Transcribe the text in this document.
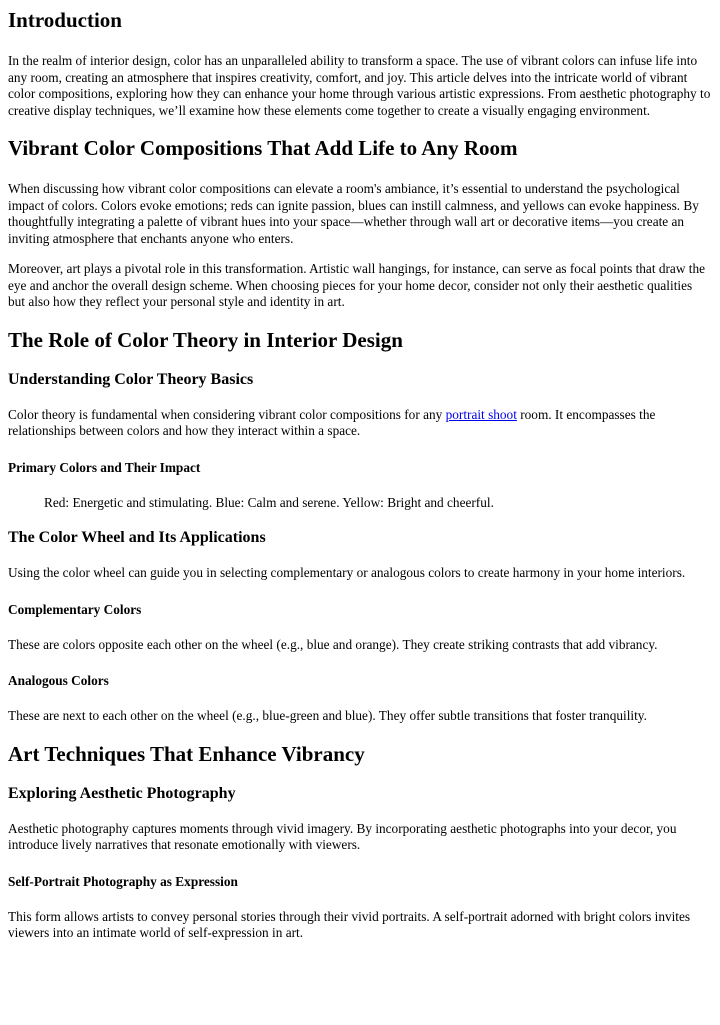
Introduction

In the realm of interior design, color has an unparalleled ability to transform a space. The use of vibrant colors can infuse life into any room, creating an atmosphere that inspires creativity, comfort, and joy. This article delves into the intricate world of vibrant color compositions, exploring how they can enhance your home through various artistic expressions. From aesthetic photography to creative display techniques, we’ll examine how these elements come together to create a visually engaging environment.

Vibrant Color Compositions That Add Life to Any Room

When discussing how vibrant color compositions can elevate a room's ambiance, it’s essential to understand the psychological impact of colors. Colors evoke emotions; reds can ignite passion, blues can instill calmness, and yellows can evoke happiness. By thoughtfully integrating a palette of vibrant hues into your space—whether through wall art or decorative items—you create an inviting atmosphere that enchants anyone who enters.

Moreover, art plays a pivotal role in this transformation. Artistic wall hangings, for instance, can serve as focal points that draw the eye and anchor the overall design scheme. When choosing pieces for your home decor, consider not only their aesthetic qualities but also how they reflect your personal style and identity in art.

The Role of Color Theory in Interior Design
Understanding Color Theory Basics

Color theory is fundamental when considering vibrant color compositions for any portrait shoot room. It encompasses the relationships between colors and how they interact within a space.

Primary Colors and Their Impact

Red: Energetic and stimulating. Blue: Calm and serene. Yellow: Bright and cheerful.

The Color Wheel and Its Applications

Using the color wheel can guide you in selecting complementary or analogous colors to create harmony in your home interiors.

Complementary Colors

These are colors opposite each other on the wheel (e.g., blue and orange). They create striking contrasts that add vibrancy.

Analogous Colors

These are next to each other on the wheel (e.g., blue-green and blue). They offer subtle transitions that foster tranquility.

Art Techniques That Enhance Vibrancy
Exploring Aesthetic Photography

Aesthetic photography captures moments through vivid imagery. By incorporating aesthetic photographs into your decor, you introduce lively narratives that resonate emotionally with viewers.

Self-Portrait Photography as Expression

This form allows artists to convey personal stories through their vivid portraits. A self-portrait adorned with bright colors invites viewers into an intimate world of self-expression in art.
